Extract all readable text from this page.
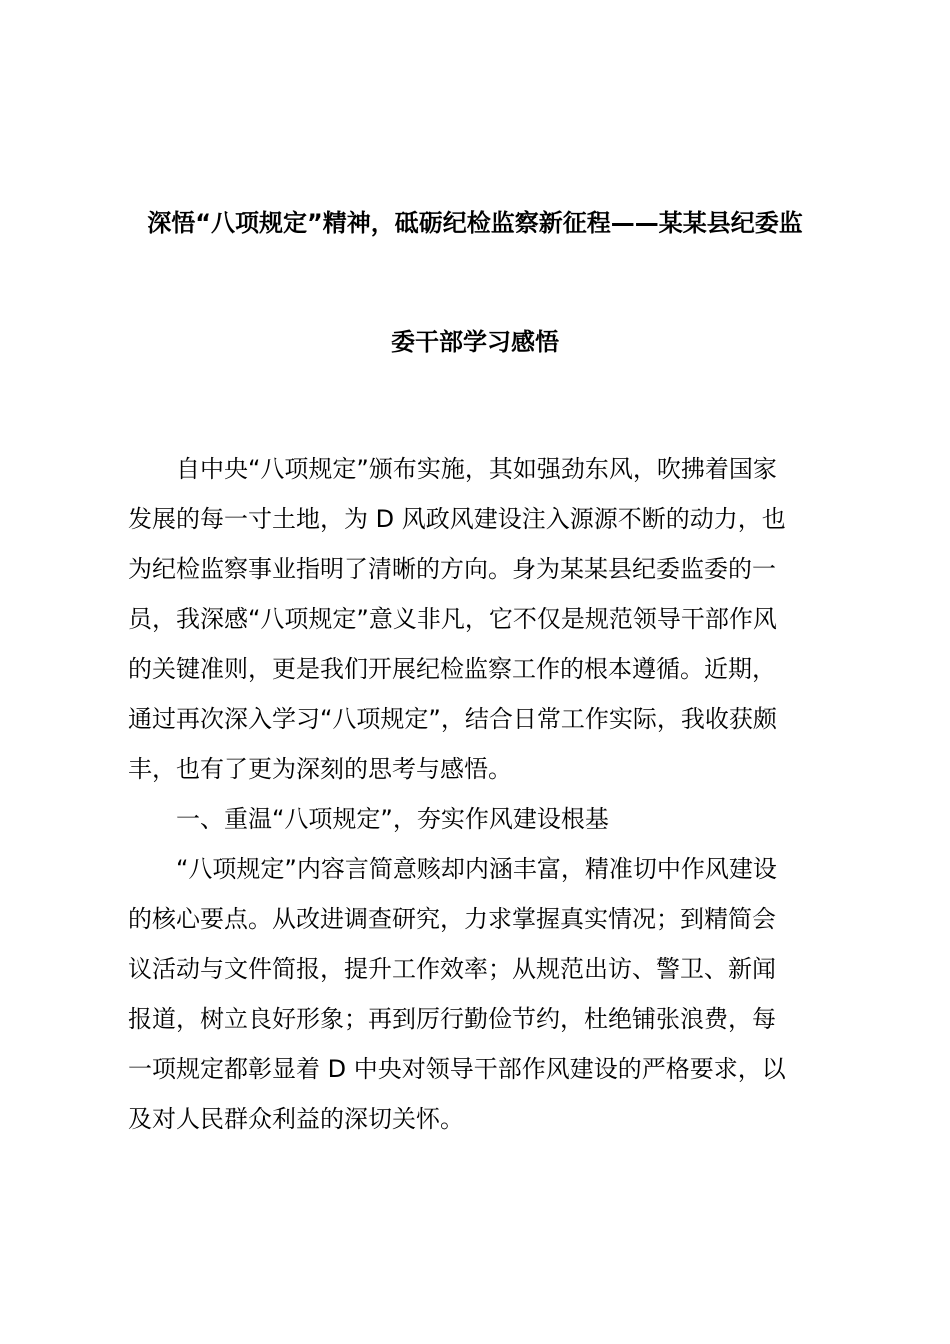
深悟“八项规定”精神，砥砺纪检监察新征程——某某县纪委监
委干部学习感悟
　　自中央“八项规定”颁布实施，其如强劲东风，吹拂着国家
发展的每一寸土地，为 D 风政风建设注入源源不断的动力，也
为纪检监察事业指明了清晰的方向。身为某某县纪委监委的一
员，我深感“八项规定”意义非凡，它不仅是规范领导干部作风
的关键准则，更是我们开展纪检监察工作的根本遵循。近期，
通过再次深入学习“八项规定”，结合日常工作实际，我收获颇
丰，也有了更为深刻的思考与感悟。
　　一、重温“八项规定”，夯实作风建设根基
　　“八项规定”内容言简意赅却内涵丰富，精准切中作风建设
的核心要点。从改进调查研究，力求掌握真实情况；到精简会
议活动与文件简报，提升工作效率；从规范出访、警卫、新闻
报道，树立良好形象；再到厉行勤俭节约，杜绝铺张浪费，每
一项规定都彰显着 D 中央对领导干部作风建设的严格要求，以
及对人民群众利益的深切关怀。
